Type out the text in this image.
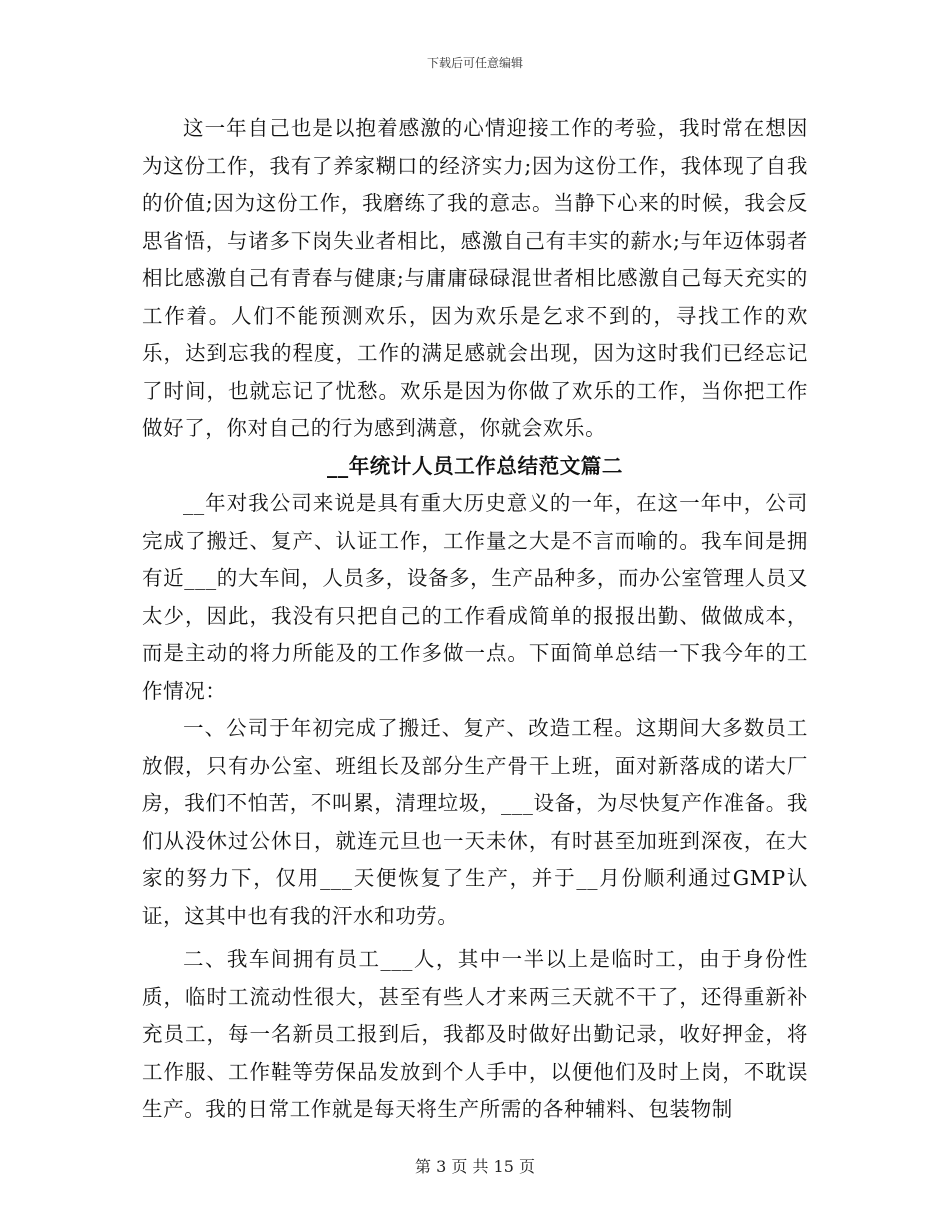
下载后可任意编辑

这一年自己也是以抱着感激的心情迎接工作的考验，我时常在想因为这份工作，我有了养家糊口的经济实力;因为这份工作，我体现了自我的价值;因为这份工作，我磨练了我的意志。当静下心来的时候，我会反思省悟，与诸多下岗失业者相比，感激自己有丰实的薪水;与年迈体弱者相比感激自己有青春与健康;与庸庸碌碌混世者相比感激自己每天充实的工作着。人们不能预测欢乐，因为欢乐是乞求不到的，寻找工作的欢乐，达到忘我的程度，工作的满足感就会出现，因为这时我们已经忘记了时间，也就忘记了忧愁。欢乐是因为你做了欢乐的工作，当你把工作做好了，你对自己的行为感到满意，你就会欢乐。

__年统计人员工作总结范文篇二

__年对我公司来说是具有重大历史意义的一年，在这一年中，公司完成了搬迁、复产、认证工作，工作量之大是不言而喻的。我车间是拥有近___的大车间，人员多，设备多，生产品种多，而办公室管理人员又太少，因此，我没有只把自己的工作看成简单的报报出勤、做做成本，而是主动的将力所能及的工作多做一点。下面简单总结一下我今年的工作情况：

一、公司于年初完成了搬迁、复产、改造工程。这期间大多数员工放假，只有办公室、班组长及部分生产骨干上班，面对新落成的诺大厂房，我们不怕苦，不叫累，清理垃圾，___设备，为尽快复产作准备。我们从没休过公休日，就连元旦也一天未休，有时甚至加班到深夜，在大家的努力下，仅用___天便恢复了生产，并于__月份顺利通过GMP认证，这其中也有我的汗水和功劳。

二、我车间拥有员工___人，其中一半以上是临时工，由于身份性质，临时工流动性很大，甚至有些人才来两三天就不干了，还得重新补充员工，每一名新员工报到后，我都及时做好出勤记录，收好押金，将工作服、工作鞋等劳保品发放到个人手中，以便他们及时上岗，不耽误生产。我的日常工作就是每天将生产所需的各种辅料、包装物制

第 3 页 共 15 页
